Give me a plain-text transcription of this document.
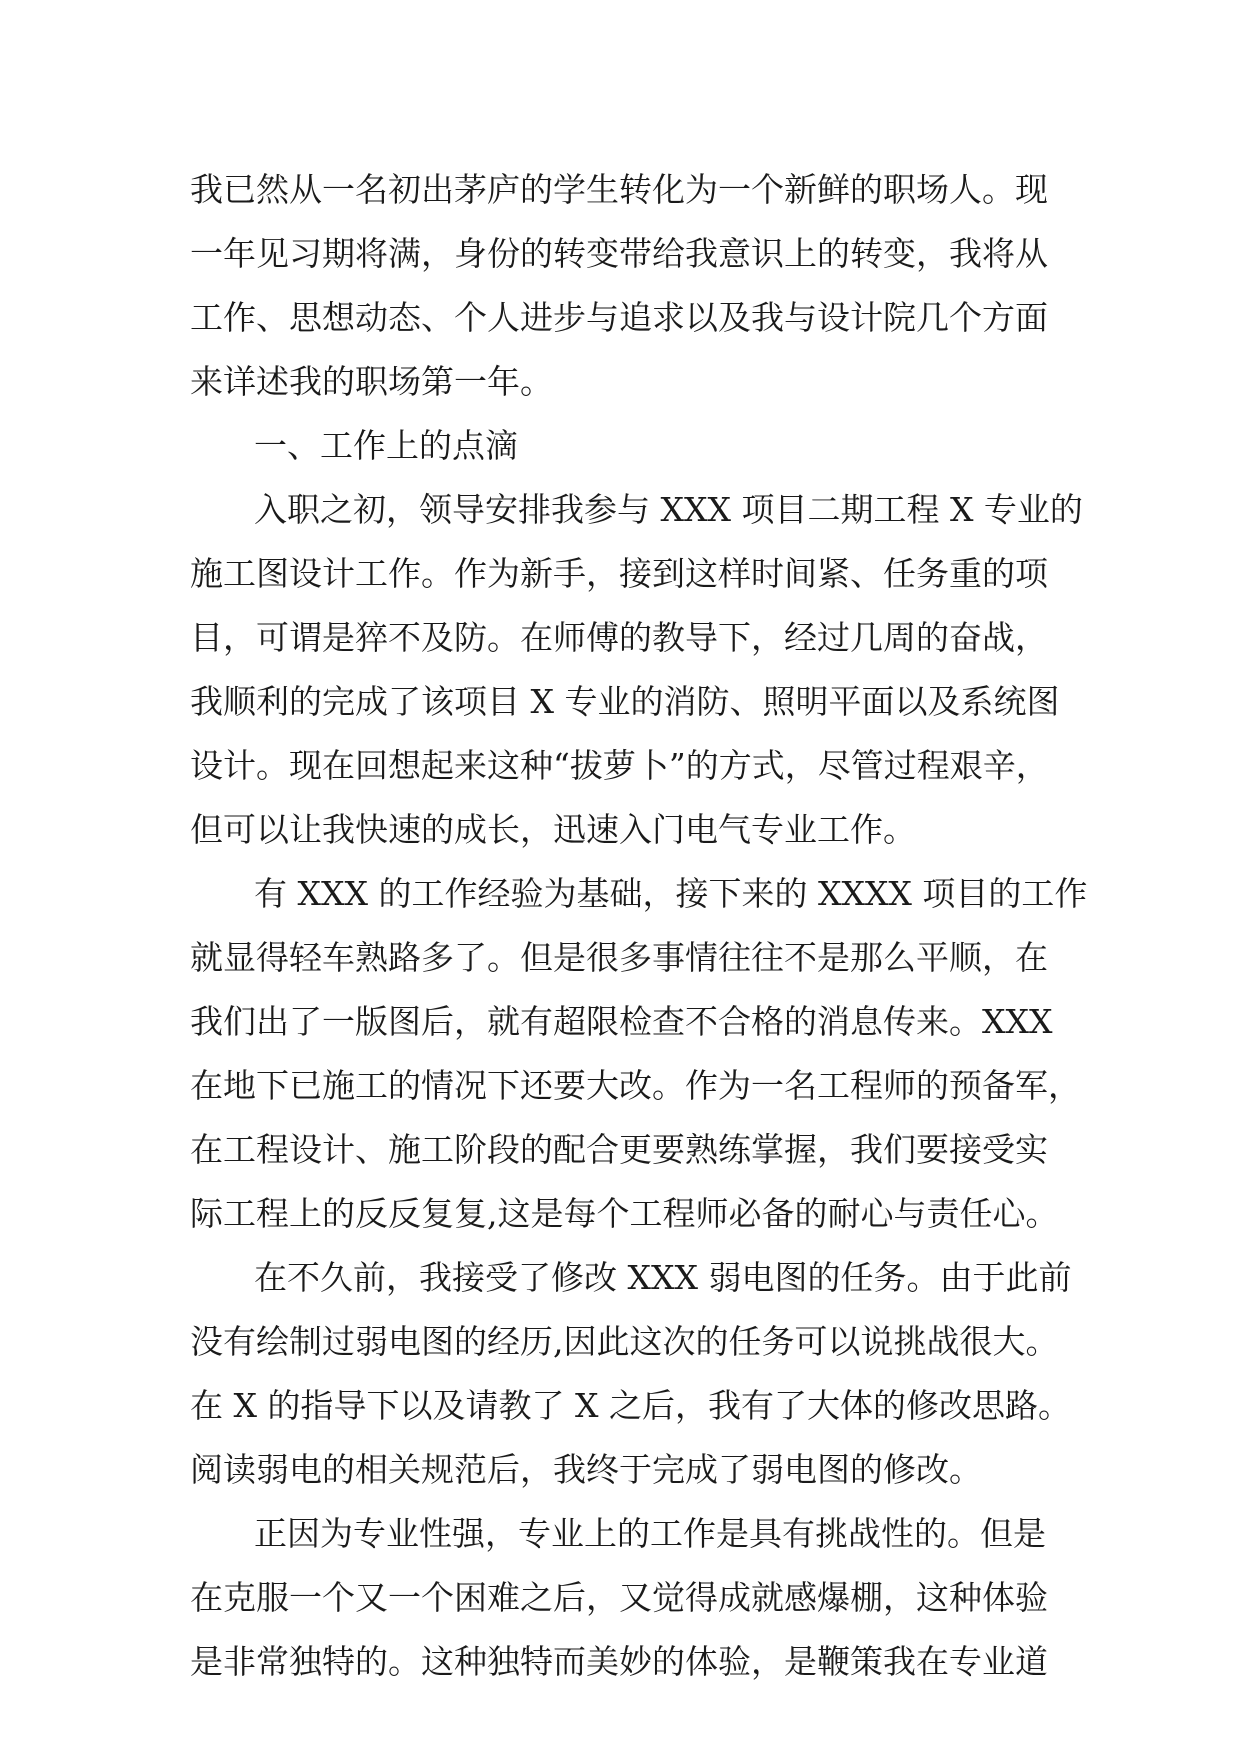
我已然从一名初出茅庐的学生转化为一个新鲜的职场人。现
一年见习期将满，身份的转变带给我意识上的转变，我将从
工作、思想动态、个人进步与追求以及我与设计院几个方面
来详述我的职场第一年。
一、工作上的点滴
入职之初，领导安排我参与 XXX 项目二期工程 X 专业的
施工图设计工作。作为新手，接到这样时间紧、任务重的项
目，可谓是猝不及防。在师傅的教导下，经过几周的奋战，
我顺利的完成了该项目 X 专业的消防、照明平面以及系统图
设计。现在回想起来这种“拔萝卜”的方式，尽管过程艰辛，
但可以让我快速的成长，迅速入门电气专业工作。
有 XXX 的工作经验为基础，接下来的 XXXX 项目的工作
就显得轻车熟路多了。但是很多事情往往不是那么平顺，在
我们出了一版图后，就有超限检查不合格的消息传来。XXX
在地下已施工的情况下还要大改。作为一名工程师的预备军，
在工程设计、施工阶段的配合更要熟练掌握，我们要接受实
际工程上的反反复复,这是每个工程师必备的耐心与责任心。
在不久前，我接受了修改 XXX 弱电图的任务。由于此前
没有绘制过弱电图的经历,因此这次的任务可以说挑战很大。
在 X 的指导下以及请教了 X 之后，我有了大体的修改思路。
阅读弱电的相关规范后，我终于完成了弱电图的修改。
正因为专业性强，专业上的工作是具有挑战性的。但是
在克服一个又一个困难之后，又觉得成就感爆棚，这种体验
是非常独特的。这种独特而美妙的体验，是鞭策我在专业道
